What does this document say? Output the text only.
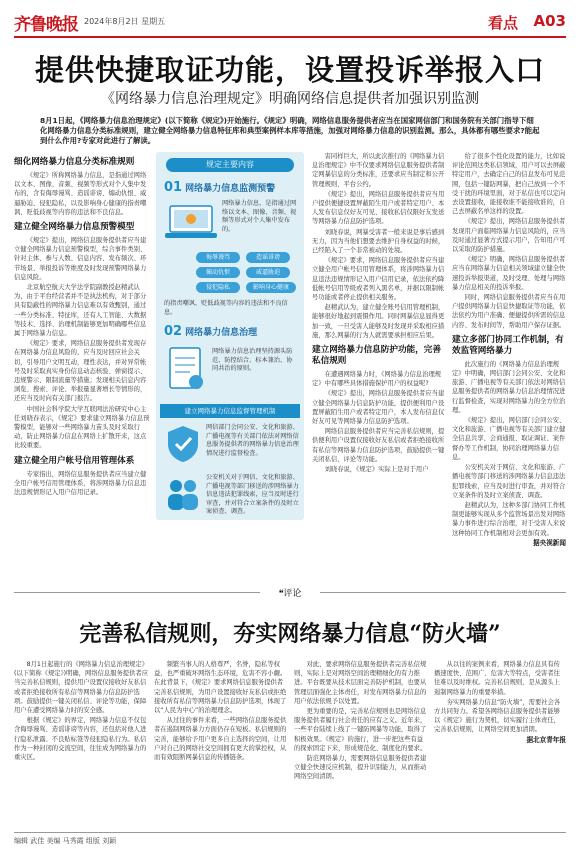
齐鲁晚报 2024年8月2日 星期五	看点 A03
提供快捷取证功能，设置投诉举报入口
《网络暴力信息治理规定》明确网络信息提供者加强识别监测
8月1日起，《网络暴力信息治理规定》(以下简称《规定》)开始施行。《规定》明确，网络信息服务提供者应当在国家网信部门和国务院有关部门指导下细化网络暴力信息分类标准规则，建立健全网络暴力信息特征库和典型案例样本库等措施，加强对网络暴力信息的识别监测。那么，具体都有哪些要求?能起到什么作用?专家对此进行了解读。
细化网络暴力信息分类标准规则

《规定》所称网络暴力信息，是指通过网络以文本、图像、音频、视频等形式对个人集中发布的，含有侮辱谩骂、造谣诽谤、煽动仇恨、威逼胁迫、侵犯隐私，以及影响身心健康的指责嘲讽、贬低歧视等内容的违法和不良信息。

建立健全网络暴力信息预警模型

《规定》提出，网络信息服务提供者应当建立健全网络暴力信息预警模型，综合事件类别、针对主体、参与人数、信息内容、发布频次、环节场景、举报投诉等维度及时发现预警网络暴力信息风险。

北京航空航天大学法学院副教授赵精武认为，由于平台经营者并不是执法机构，对于部分具有隐蔽性的网络暴力信息难以有效甄别，通过一些分类标准、特征库，还有人工智能、大数据等技术、选择、治理机制能够更加明确哪些信息属于网络暴力信息。

《规定》要求，网络信息服务提供者发现存在网络暴力信息风险的，应当及时回应社会关切，引导用户文明互动，理性表达，并对异常帐号及时采取真实身份信息动态核验、弹窗提示、违规警示、限制流量等措施；发现相关信息内容浏览、搜索、评论、举报量显著增长等情形的，还应当及时向有关部门报告。

中国社会科学院大学互联网法治研究中心主任刘晓春表示，《规定》要求建立网络暴力信息预警模型，能够对一些网络暴力苗头及时采取行动，防止网络暴力信息在网络上扩散开来，这点比较重要。

建立健全用户帐号信用管理体系

专家指出，网络信息服务提供者应当建立健全用户帐号信用管理体系，将涉网络暴力信息违法违规情形记入用户信用记录。

规定主要内容
01 网络暴力信息监测预警
网络暴力信息，是指通过网络以文本、图像、音频、视频等形式对个人集中发布的。
侮辱谩骂	造谣诽谤
煽动仇恨	威逼胁迫
侵犯隐私	影响身心健康
的指责嘲讽、贬低歧视等内容的违法和不良信息。
02 网络暴力信息治理
网络暴力信息治理坚持源头防范、防控结合、标本兼治、协同共治的原则。
建立网络暴力信息监督管理机制
网信部门会同公安、文化和旅游、广播电视等有关部门依法对网络信息服务提供者的网络暴力信息治理情况进行监督检查。
公安机关对于网信、文化和旅游、广播电视等部门移送的涉网络暴力信息违法犯罪线索，应当及时进行审查，并对符合立案条件的及时立案侦查、调查。

害同样巨大，所以此次推行的《网络暴力信息治理规定》中不仅要求网络信息服务提供者制定网暴信息的分类标准，还要求应当制定和公开管理规则、平台公约。

《规定》提出，网络信息服务提供者应当用户提供便捷设置屏蔽陌生用户或者特定用户、本人发布信息仅好友可见、接收私信仅限好友发送等网络暴力信息防护选项。

刘晓春说，网暴受害者一般来说是事后感到无力，因为当他们想要去维护自身权益的时候，已经陷入了一个非常被动的处境。

《规定》要求，网络信息服务提供者应当建立健全用户帐号信用管理体系，将涉网络暴力信息违法违规情形记入用户信用记录，依法依约降低帐号信用等级或者列入黑名单，并据以限制帐号功能或者停止提供相关服务。

赵精武认为，建立健全账号信用管理机制，能够很好地起到震慑作用。同时网暴信息显得更加一致，一旦受害人能够及时发现并采取相应措施，那么网暴的行为人就需要承担相应后果。

建立网络暴力信息防护功能，完善私信规则

在遭遇网络暴力时，《网络暴力信息治理规定》中有哪些具体措施保护用户的权益呢?

《规定》提出，网络信息服务提供者应当建立健全网络暴力信息防护功能，提供便利用户设置屏蔽陌生用户或者特定用户，本人发布信息仅好友可见等网络暴力信息防护选项。

网络信息服务提供者应当完善私信规则，提供便利用户设置仅接收好友私信或者拒绝接收所有私信等网络暴力信息防护选项，鼓励提供一键关闭私信、评论等功能。

刘晓春说，《规定》实际上是对于用户

给了很多个性化设置的能力，比如说评论范围这类私信领域，用户可以去屏蔽特定用户，去确定自己的信息发布可见范围，包括一键防网暴，把自己放到一个不受干扰的环境里面，对于私信也可以定向去设置接收，能接收谁不能接收谁的，自己去屏蔽名单这样的设置。

《规定》提出，网络信息服务提供者发现用户面临网络暴力信息风险的，应当及时通过显著方式提示用户，告知用户可以采取的防护措施。

《规定》明确，网络信息服务提供者应当在网络暴力信息相关领域建立健全快速投诉举报渠道，及时受理、处理与网络暴力信息相关的投诉举报。

同时，网络信息服务提供者应当在用户提供网络暴力信息快捷取证等功能，依法依约为用户准确、便捷提供所需的信息内容、发布时间等，帮助用户保存证据。

建立多部门协同工作机制，有效监管网络暴力

此次施行的《网络暴力信息治理规定》中明确，网信部门会同公安、文化和旅游、广播电视等有关部门依法对网络信息服务提供者的网络暴力信息治理情况进行监督检查，实现对网络暴力的全方位治理。

《规定》提出，网信部门会同公安、文化和旅游、广播电视等有关部门建立健全信息共享、会商通报、取证调证、案件督办等工作机制，协同治理网络暴力信息。

公安机关对于网信、文化和旅游、广播电视等部门移送的涉网络暴力信息违法犯罪线索，应当及时进行审查，并对符合立案条件的及时立案侦查、调查。

赵精武认为，这种多部门协同工作机制更能够实现从多个监管场景出发对网络暴力事件进行综合治理，对于受害人来说这种协同工作机制相对会更加有效。

据央视新闻
❝评论
完善私信规则，夯实网络暴力信息“防火墙”

8月1日起施行的《网络暴力信息治理规定》(以下简称《规定》)明确，网络信息服务提供者应当完善私信规则，提供用户设置仅接收好友私信或者拒绝接收所有私信等网络暴力信息防护选项。鼓励提供一键关闭私信、评论等功能，保障用户在遭受网络暴力时的安全感。

根据《规定》的界定，网络暴力信息不仅包含侮辱谩骂、造谣诽谤等内容，还包括对他人进行隐私泄露、不良贴标签等侵犯隐私行为。私信作为一种封闭的交流空间，往往成为网络暴力的重灾区。

频繁当事人的人格尊严，名誉，隐私等权益，也严重破坏网络生态环境，危害不容小觑。在此背景下，《规定》要求网络信息服务提供者完善私信规则，为用户设置接收好友私信或拒绝接收所有私信等网络暴力信息防护选项，体现了以“人民为中心”的治理理念。

从过往的事件来看，一些网络信息服务提供者在遏制网络暴力方面仍存在短板。私信规则的完善，能够给予用户更多自主选择的空间，让用户对自己的网络社交空间拥有更大的掌控权，从而有效阻断网暴信息的传播链条。

对此，要求网络信息服务提供者完善私信规则，实际上是对网络空间治理精细化的有力推进。平台既要从技术层面完善防护机制，也要从管理层面强化主体责任，对发布网络暴力信息的用户依法依规予以处置。

更为重要的是，完善私信规则也是网络信息服务提供者履行社会责任的应有之义。近年来，一些平台陆续上线了一键防网暴等功能，取得了积极效果。《规定》的施行，进一步把这些有益的探索固定下来，形成规范化、制度化的要求。

防范网络暴力，需要网络信息服务提供者建立健全快速反应机制，提升识别能力，从而推动网络空间清朗。

从以往的案例来看，网络暴力信息具有传播速度快、范围广、危害大等特点，受害者往往难以及时维权。完善私信规则，是从源头上遏制网络暴力的重要举措。

夯实网络暴力信息“防火墙”，需要社会各方共同努力。希望各网络信息服务提供者能够以《规定》施行为契机，切实履行主体责任，完善私信规则，让网络空间更加清朗。

据北京青年报
编辑 武佳 美编 马秀霞 组版 刘颖
